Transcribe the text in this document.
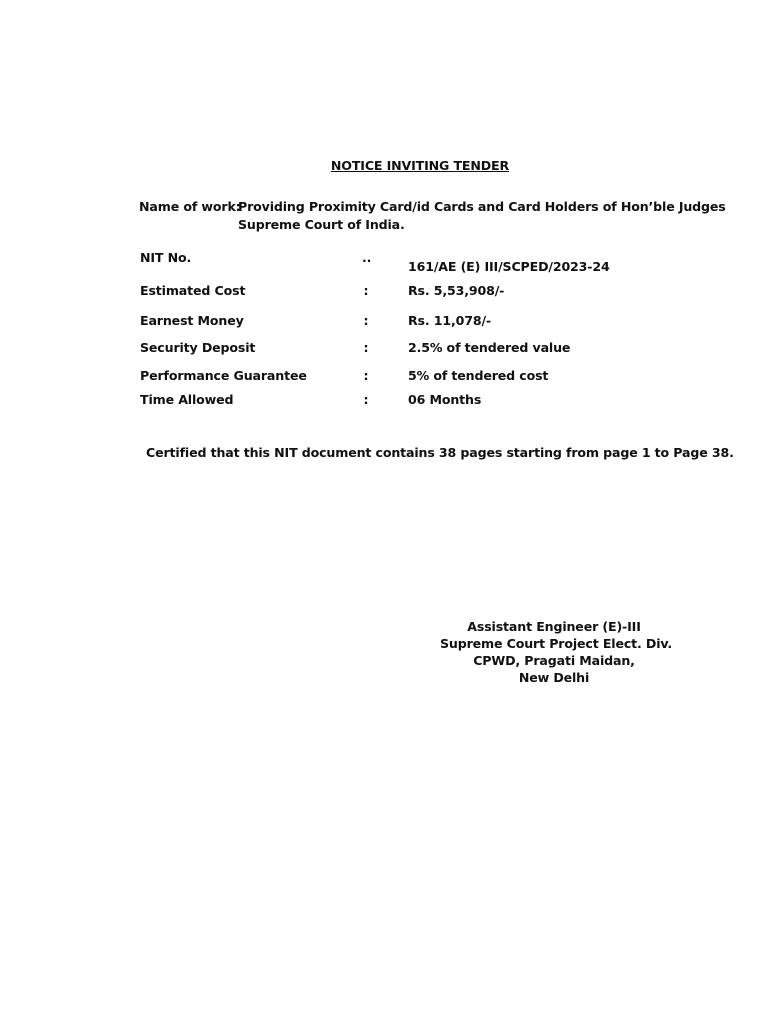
NOTICE INVITING TENDER
Name of work:
Providing Proximity Card/id Cards and Card Holders of Hon’ble Judges
Supreme Court of India.
NIT No.	..
161/AE (E) III/SCPED/2023-24
Estimated Cost	:	Rs. 5,53,908/-
Earnest Money	:	Rs. 11,078/-
Security Deposit	:	2.5% of tendered value
Performance Guarantee	:	5% of tendered cost
Time Allowed	:	06 Months
Certified that this NIT document contains 38 pages starting from page 1 to Page 38.
Assistant Engineer (E)-III
Supreme Court Project Elect. Div.
CPWD, Pragati Maidan,
New Delhi
